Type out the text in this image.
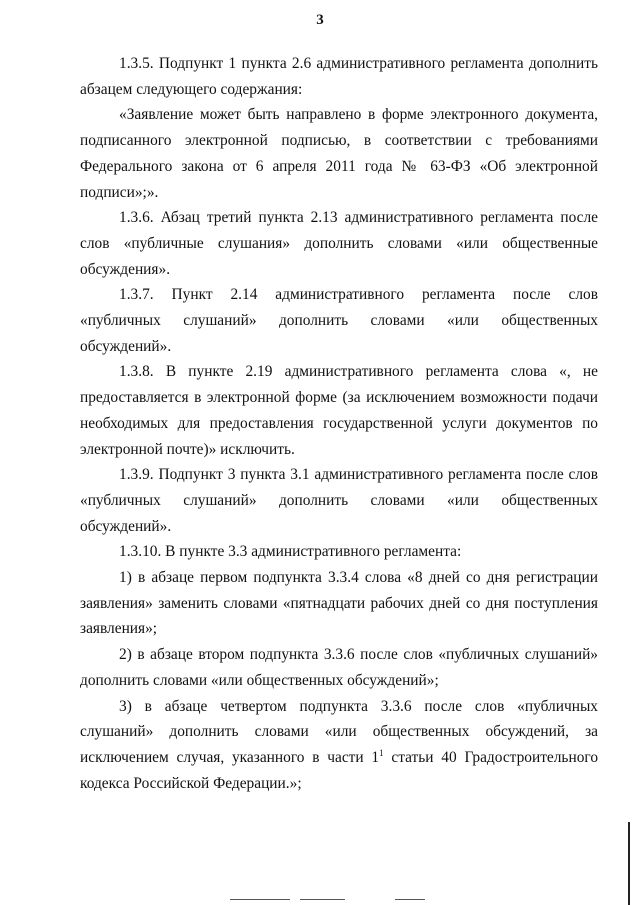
3

1.3.5. Подпункт 1 пункта 2.6 административного регламента дополнить абзацем следующего содержания:

«Заявление может быть направлено в форме электронного документа, подписанного электронной подписью, в соответствии с требованиями Федерального закона от 6 апреля 2011 года № 63-ФЗ «Об электронной подписи»;».

1.3.6. Абзац третий пункта 2.13 административного регламента после слов «публичные слушания» дополнить словами «или общественные обсуждения».

1.3.7. Пункт 2.14 административного регламента после слов «публичных слушаний» дополнить словами «или общественных обсуждений».

1.3.8. В пункте 2.19 административного регламента слова «, не предоставляется в электронной форме (за исключением возможности подачи необходимых для предоставления государственной услуги документов по электронной почте)» исключить.

1.3.9. Подпункт 3 пункта 3.1 административного регламента после слов «публичных слушаний» дополнить словами «или общественных обсуждений».

1.3.10. В пункте 3.3 административного регламента:

1) в абзаце первом подпункта 3.3.4 слова «8 дней со дня регистрации заявления» заменить словами «пятнадцати рабочих дней со дня поступления заявления»;

2) в абзаце втором подпункта 3.3.6 после слов «публичных слушаний» дополнить словами «или общественных обсуждений»;

3) в абзаце четвертом подпункта 3.3.6 после слов «публичных слушаний» дополнить словами «или общественных обсуждений, за исключением случая, указанного в части $1^1$ статьи 40 Градостроительного кодекса Российской Федерации.»;
